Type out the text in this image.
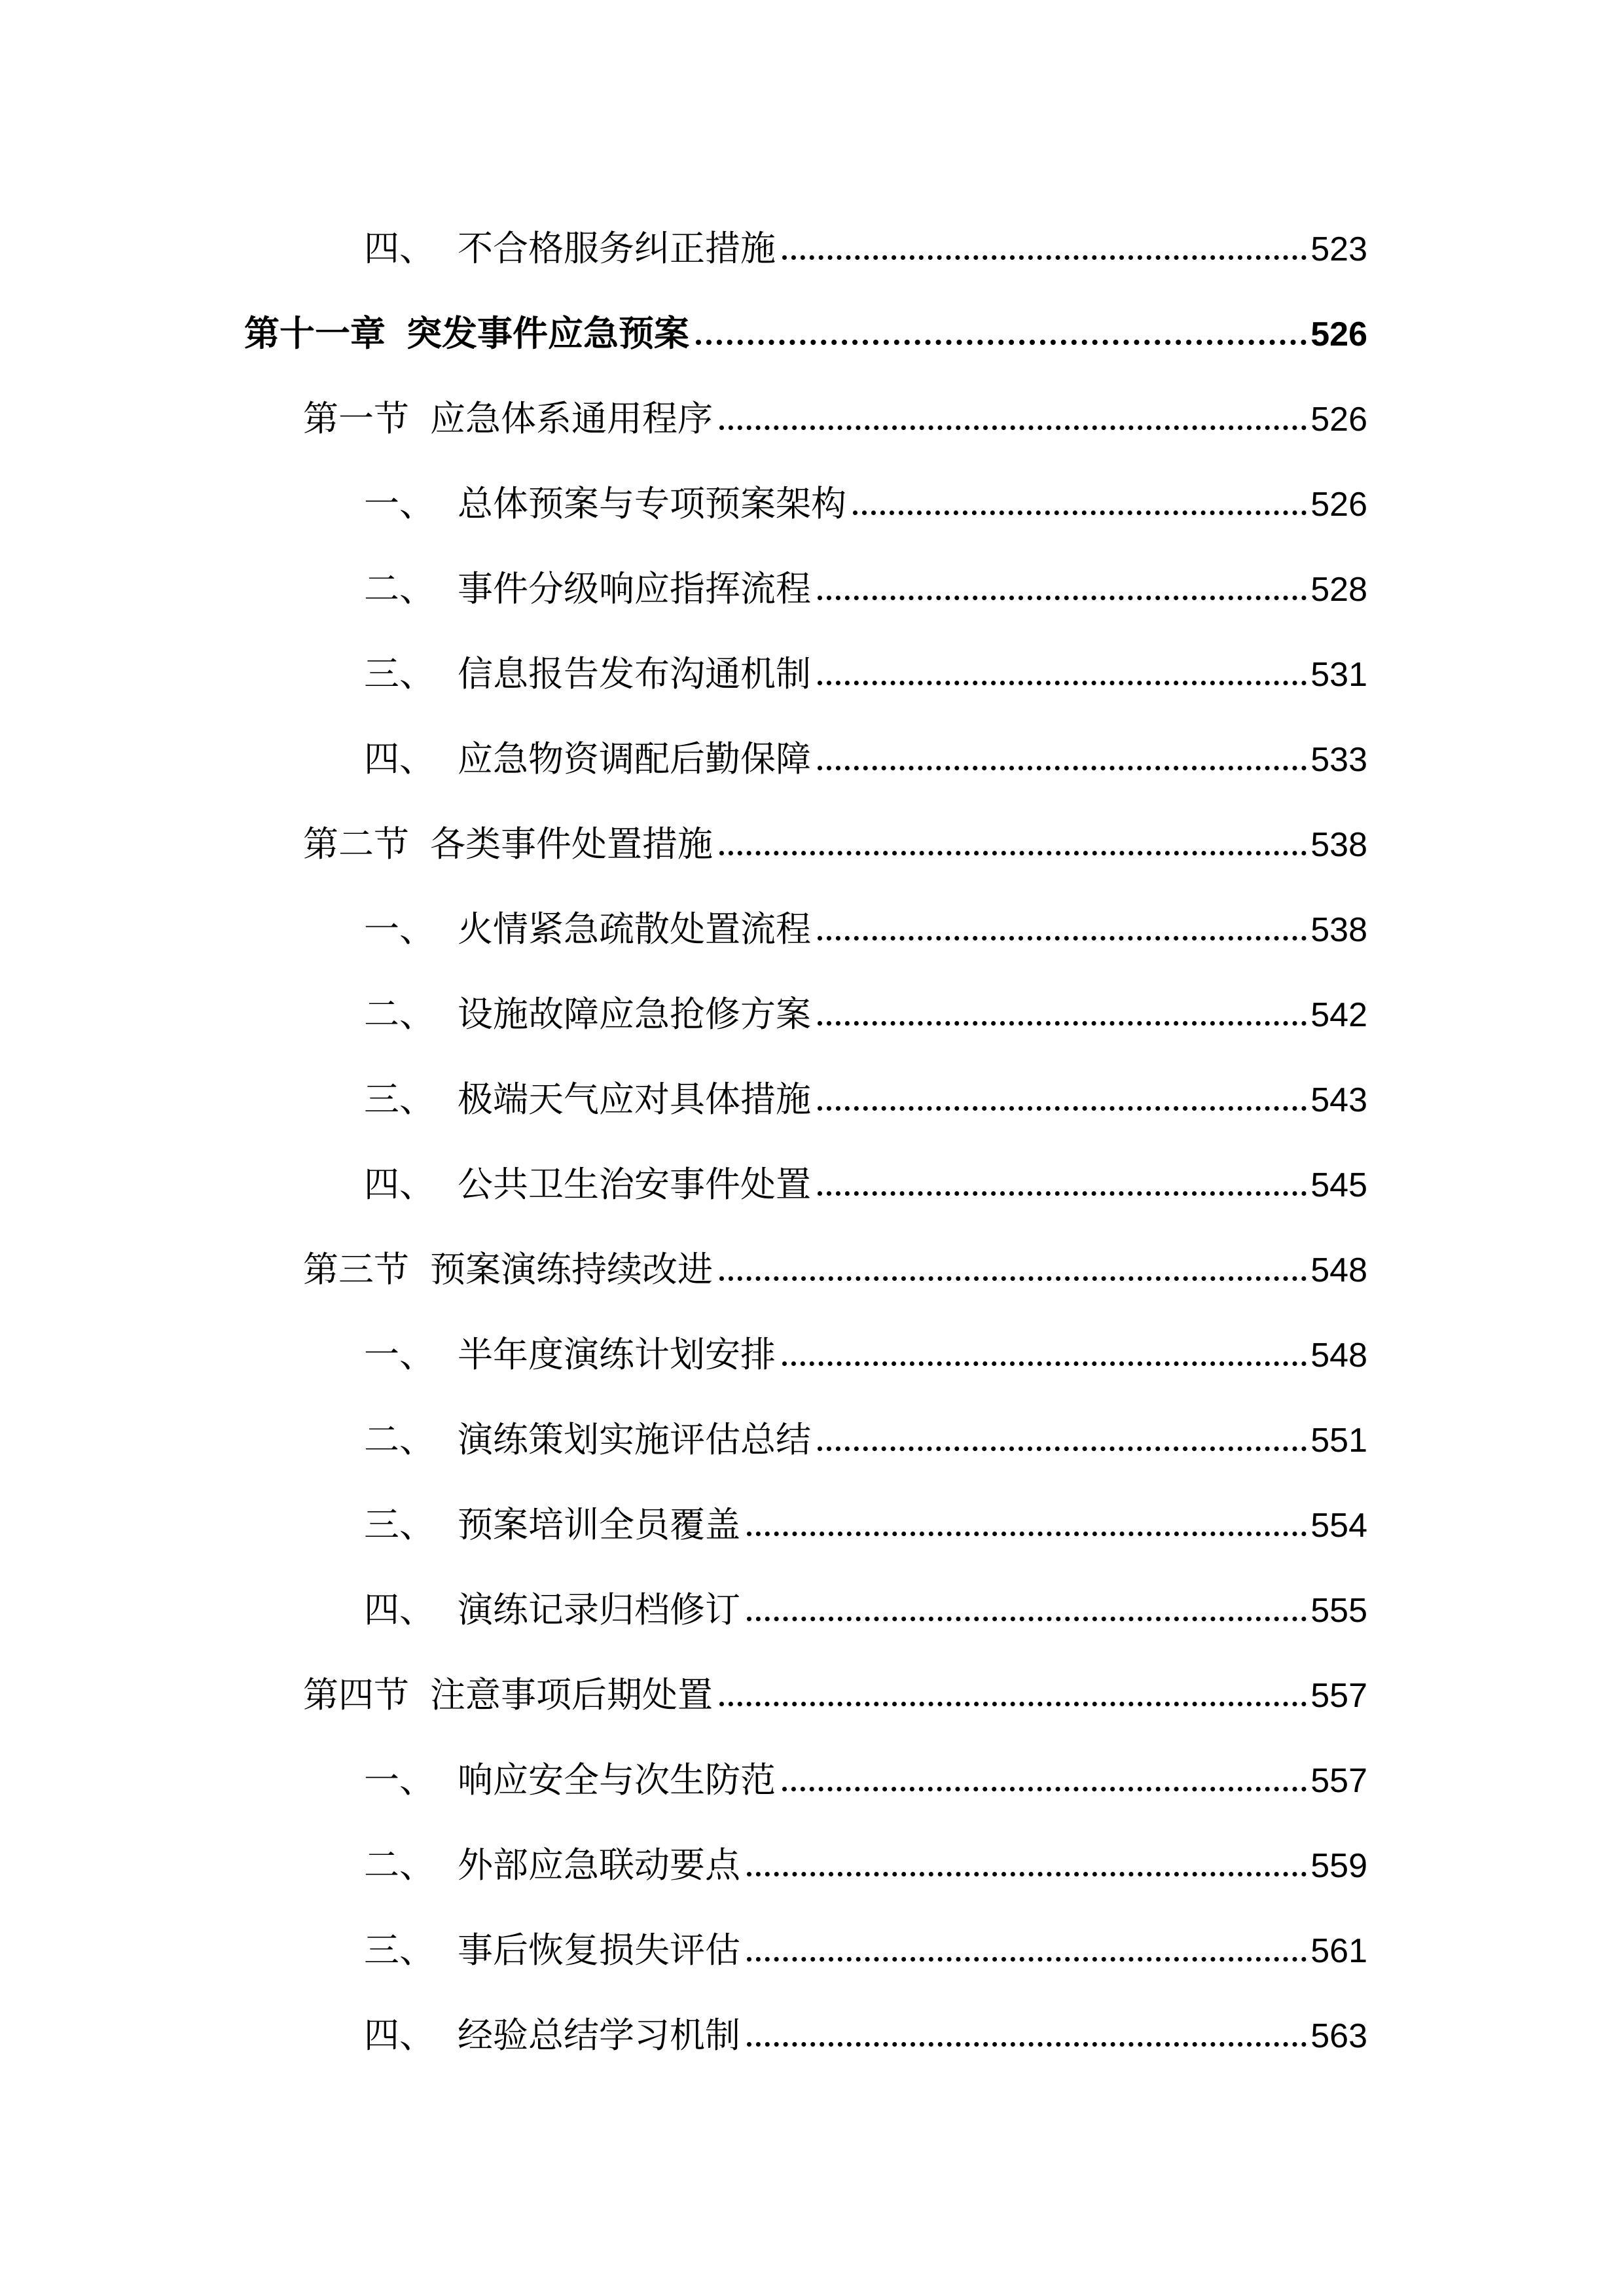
四、 不合格服务纠正措施	523
第十一章 突发事件应急预案	526
第一节 应急体系通用程序	526
一、 总体预案与专项预案架构	526
二、 事件分级响应指挥流程	528
三、 信息报告发布沟通机制	531
四、 应急物资调配后勤保障	533
第二节 各类事件处置措施	538
一、 火情紧急疏散处置流程	538
二、 设施故障应急抢修方案	542
三、 极端天气应对具体措施	543
四、 公共卫生治安事件处置	545
第三节 预案演练持续改进	548
一、 半年度演练计划安排	548
二、 演练策划实施评估总结	551
三、 预案培训全员覆盖	554
四、 演练记录归档修订	555
第四节 注意事项后期处置	557
一、 响应安全与次生防范	557
二、 外部应急联动要点	559
三、 事后恢复损失评估	561
四、 经验总结学习机制	563
